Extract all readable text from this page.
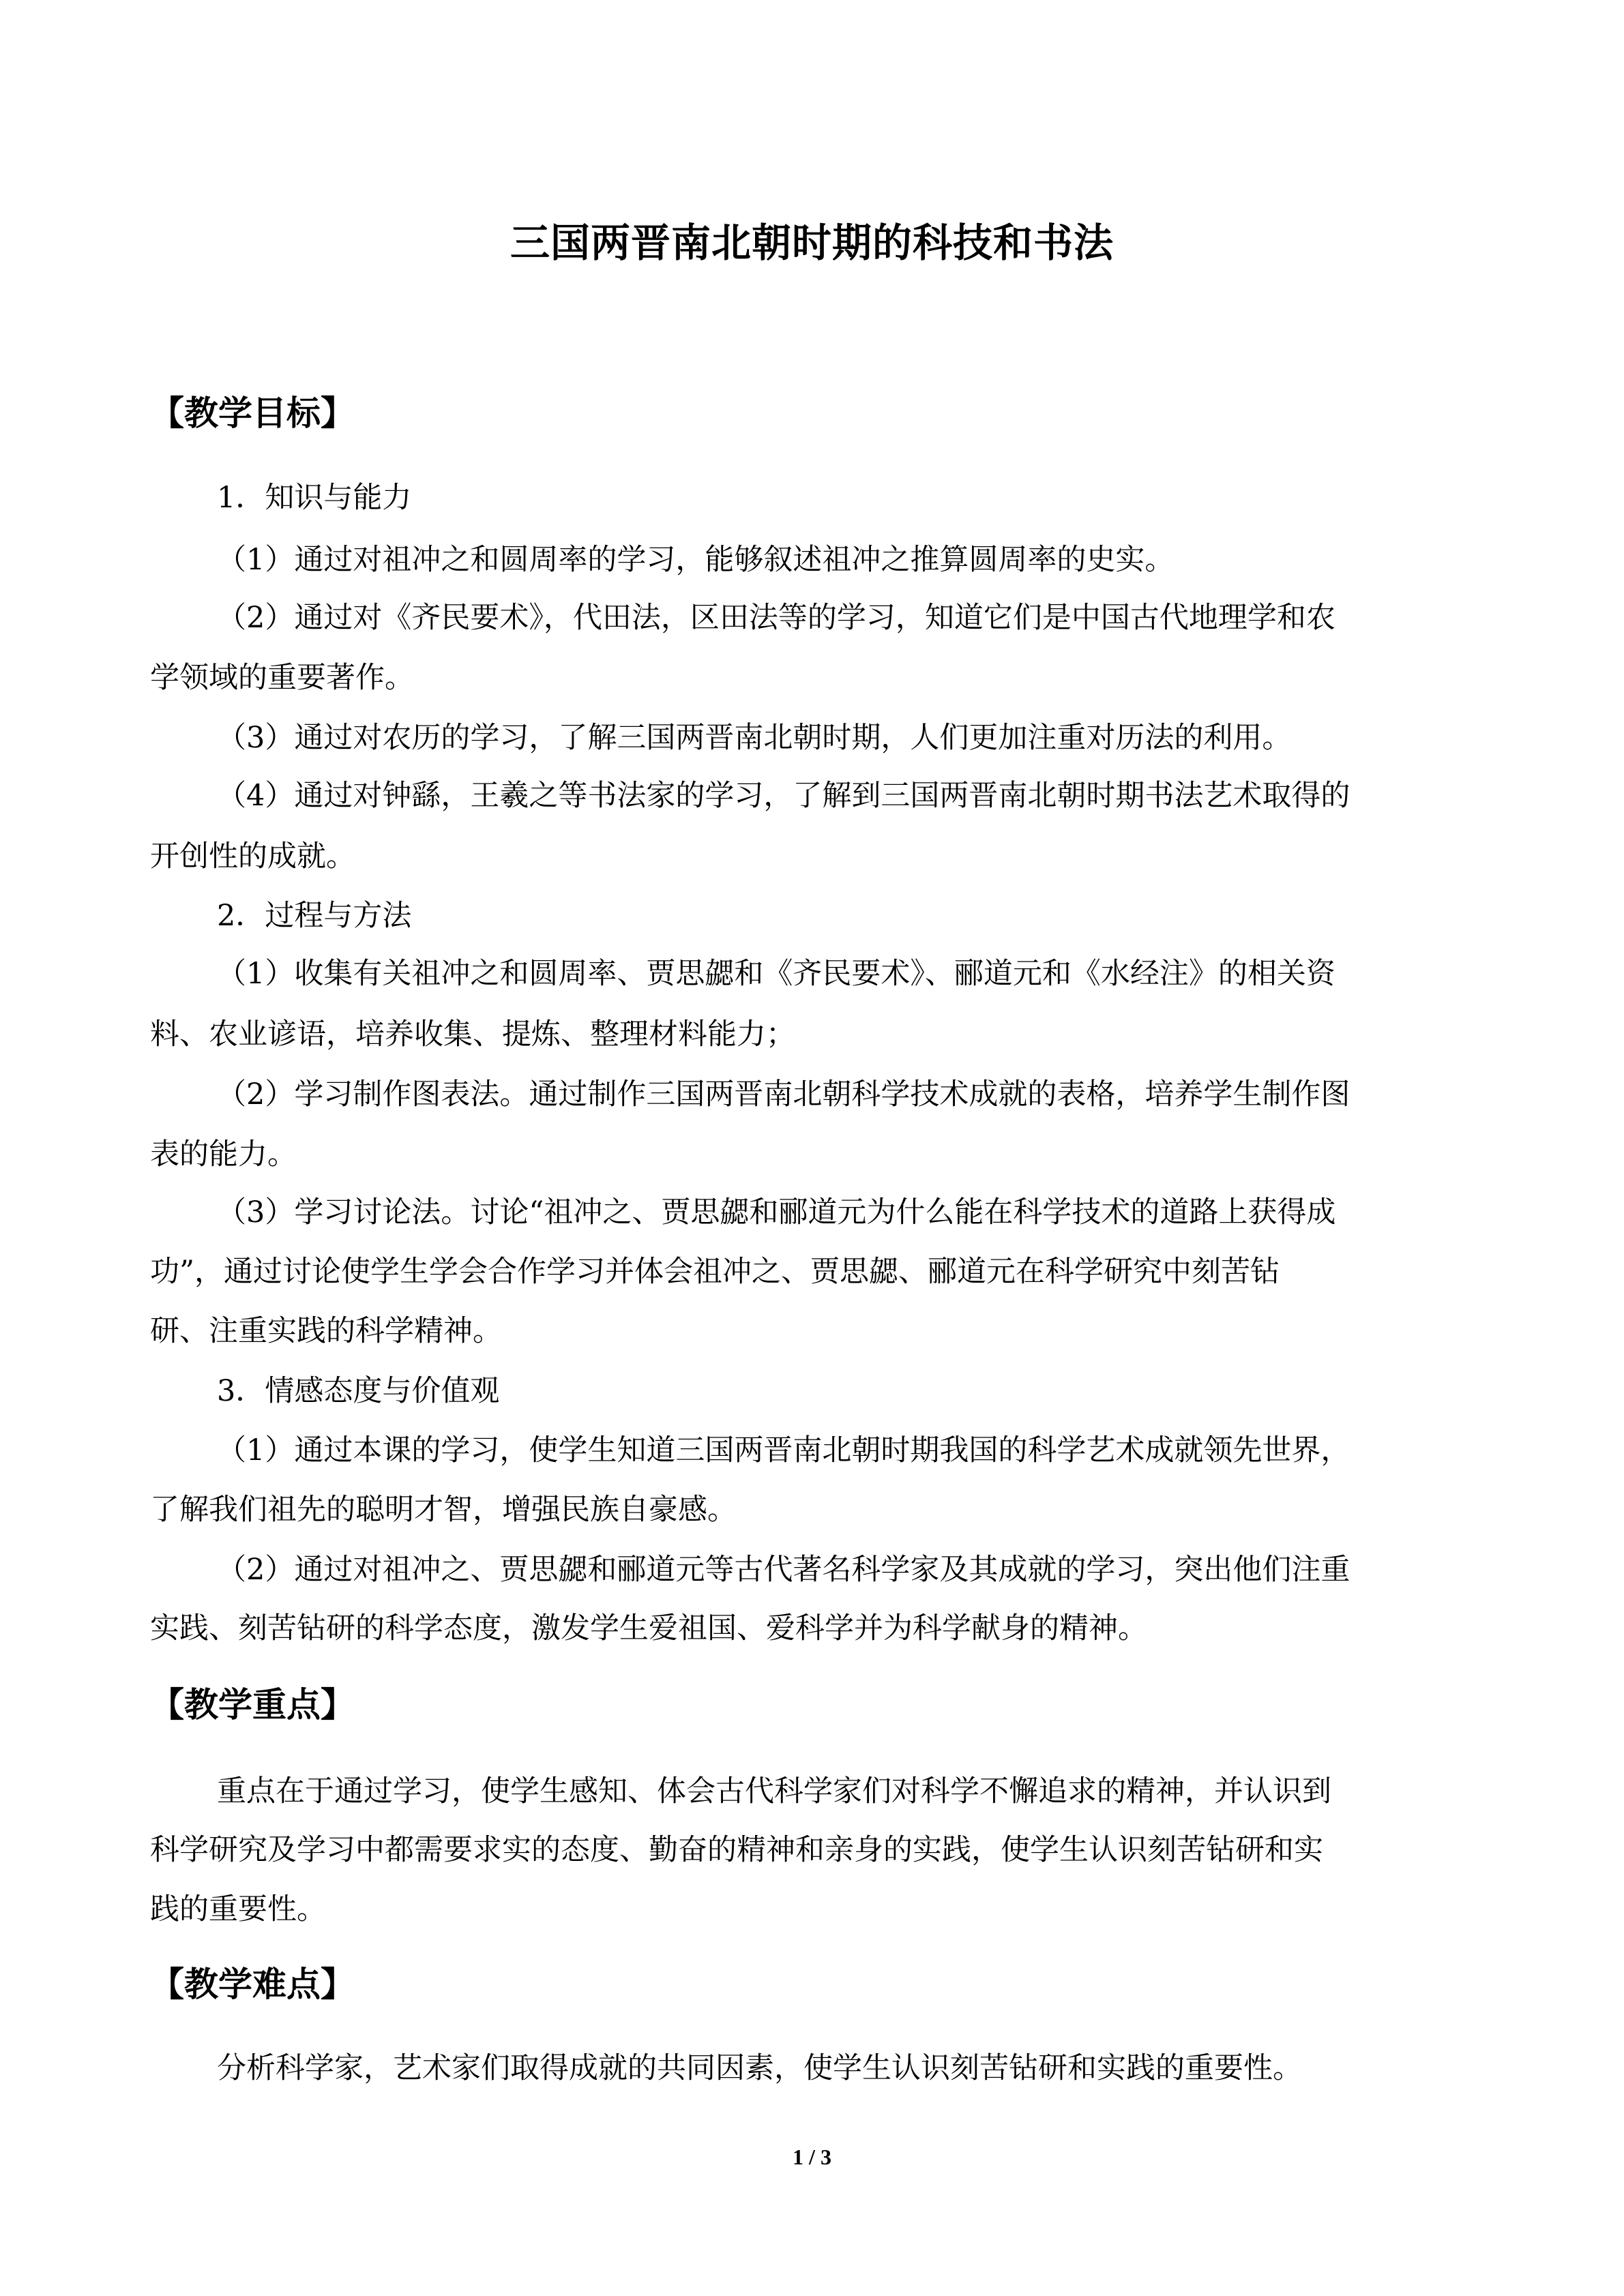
三国两晋南北朝时期的科技和书法
【教学目标】
1．知识与能力
（1）通过对祖冲之和圆周率的学习，能够叙述祖冲之推算圆周率的史实。
（2）通过对《齐民要术》，代田法，区田法等的学习，知道它们是中国古代地理学和农
学领域的重要著作。
（3）通过对农历的学习，了解三国两晋南北朝时期，人们更加注重对历法的利用。
（4）通过对钟繇，王羲之等书法家的学习，了解到三国两晋南北朝时期书法艺术取得的
开创性的成就。
2．过程与方法
（1）收集有关祖冲之和圆周率、贾思勰和《齐民要术》、郦道元和《水经注》的相关资
料、农业谚语，培养收集、提炼、整理材料能力；
（2）学习制作图表法。通过制作三国两晋南北朝科学技术成就的表格，培养学生制作图
表的能力。
（3）学习讨论法。讨论“祖冲之、贾思勰和郦道元为什么能在科学技术的道路上获得成
功”，通过讨论使学生学会合作学习并体会祖冲之、贾思勰、郦道元在科学研究中刻苦钻
研、注重实践的科学精神。
3．情感态度与价值观
（1）通过本课的学习，使学生知道三国两晋南北朝时期我国的科学艺术成就领先世界，
了解我们祖先的聪明才智，增强民族自豪感。
（2）通过对祖冲之、贾思勰和郦道元等古代著名科学家及其成就的学习，突出他们注重
实践、刻苦钻研的科学态度，激发学生爱祖国、爱科学并为科学献身的精神。
【教学重点】
重点在于通过学习，使学生感知、体会古代科学家们对科学不懈追求的精神，并认识到
科学研究及学习中都需要求实的态度、勤奋的精神和亲身的实践，使学生认识刻苦钻研和实
践的重要性。
【教学难点】
分析科学家，艺术家们取得成就的共同因素，使学生认识刻苦钻研和实践的重要性。
1 / 3
